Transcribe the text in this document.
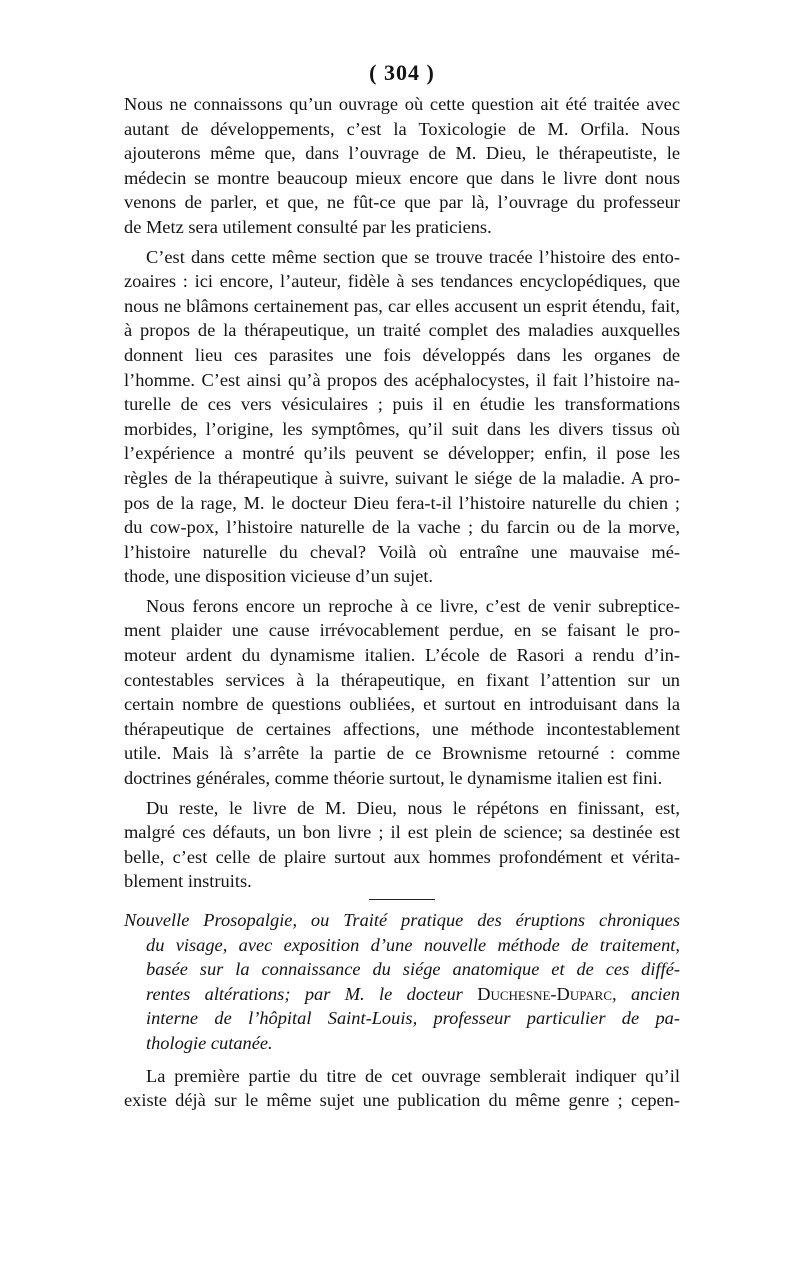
( 304 )

Nous ne connaissons qu’un ouvrage où cette question ait été traitée avec
autant de développements, c’est la Toxicologie de M. Orfila. Nous
ajouterons même que, dans l’ouvrage de M. Dieu, le thérapeutiste, le
médecin se montre beaucoup mieux encore que dans le livre dont nous
venons de parler, et que, ne fût-ce que par là, l’ouvrage du professeur
de Metz sera utilement consulté par les praticiens.

C’est dans cette même section que se trouve tracée l’histoire des ento-
zoaires : ici encore, l’auteur, fidèle à ses tendances encyclopédiques, que
nous ne blâmons certainement pas, car elles accusent un esprit étendu, fait,
à propos de la thérapeutique, un traité complet des maladies auxquelles
donnent lieu ces parasites une fois développés dans les organes de
l’homme. C’est ainsi qu’à propos des acéphalocystes, il fait l’histoire na-
turelle de ces vers vésiculaires ; puis il en étudie les transformations
morbides, l’origine, les symptômes, qu’il suit dans les divers tissus où
l’expérience a montré qu’ils peuvent se développer; enfin, il pose les
règles de la thérapeutique à suivre, suivant le siége de la maladie. A pro-
pos de la rage, M. le docteur Dieu fera-t-il l’histoire naturelle du chien ;
du cow-pox, l’histoire naturelle de la vache ; du farcin ou de la morve,
l’histoire naturelle du cheval? Voilà où entraîne une mauvaise mé-
thode, une disposition vicieuse d’un sujet.

Nous ferons encore un reproche à ce livre, c’est de venir subreptice-
ment plaider une cause irrévocablement perdue, en se faisant le pro-
moteur ardent du dynamisme italien. L’école de Rasori a rendu d’in-
contestables services à la thérapeutique, en fixant l’attention sur un
certain nombre de questions oubliées, et surtout en introduisant dans la
thérapeutique de certaines affections, une méthode incontestablement
utile. Mais là s’arrête la partie de ce Brownisme retourné : comme
doctrines générales, comme théorie surtout, le dynamisme italien est fini.

Du reste, le livre de M. Dieu, nous le répétons en finissant, est,
malgré ces défauts, un bon livre ; il est plein de science; sa destinée est
belle, c’est celle de plaire surtout aux hommes profondément et vérita-
blement instruits.

Nouvelle Prosopalgie, ou Traité pratique des éruptions chroniques
du visage, avec exposition d’une nouvelle méthode de traitement,
basée sur la connaissance du siége anatomique et de ces diffé-
rentes altérations; par M. le docteur Duchesne-Duparc, ancien
interne de l’hôpital Saint-Louis, professeur particulier de pa-
thologie cutanée.

La première partie du titre de cet ouvrage semblerait indiquer qu’il
existe déjà sur le même sujet une publication du même genre ; cepen-
